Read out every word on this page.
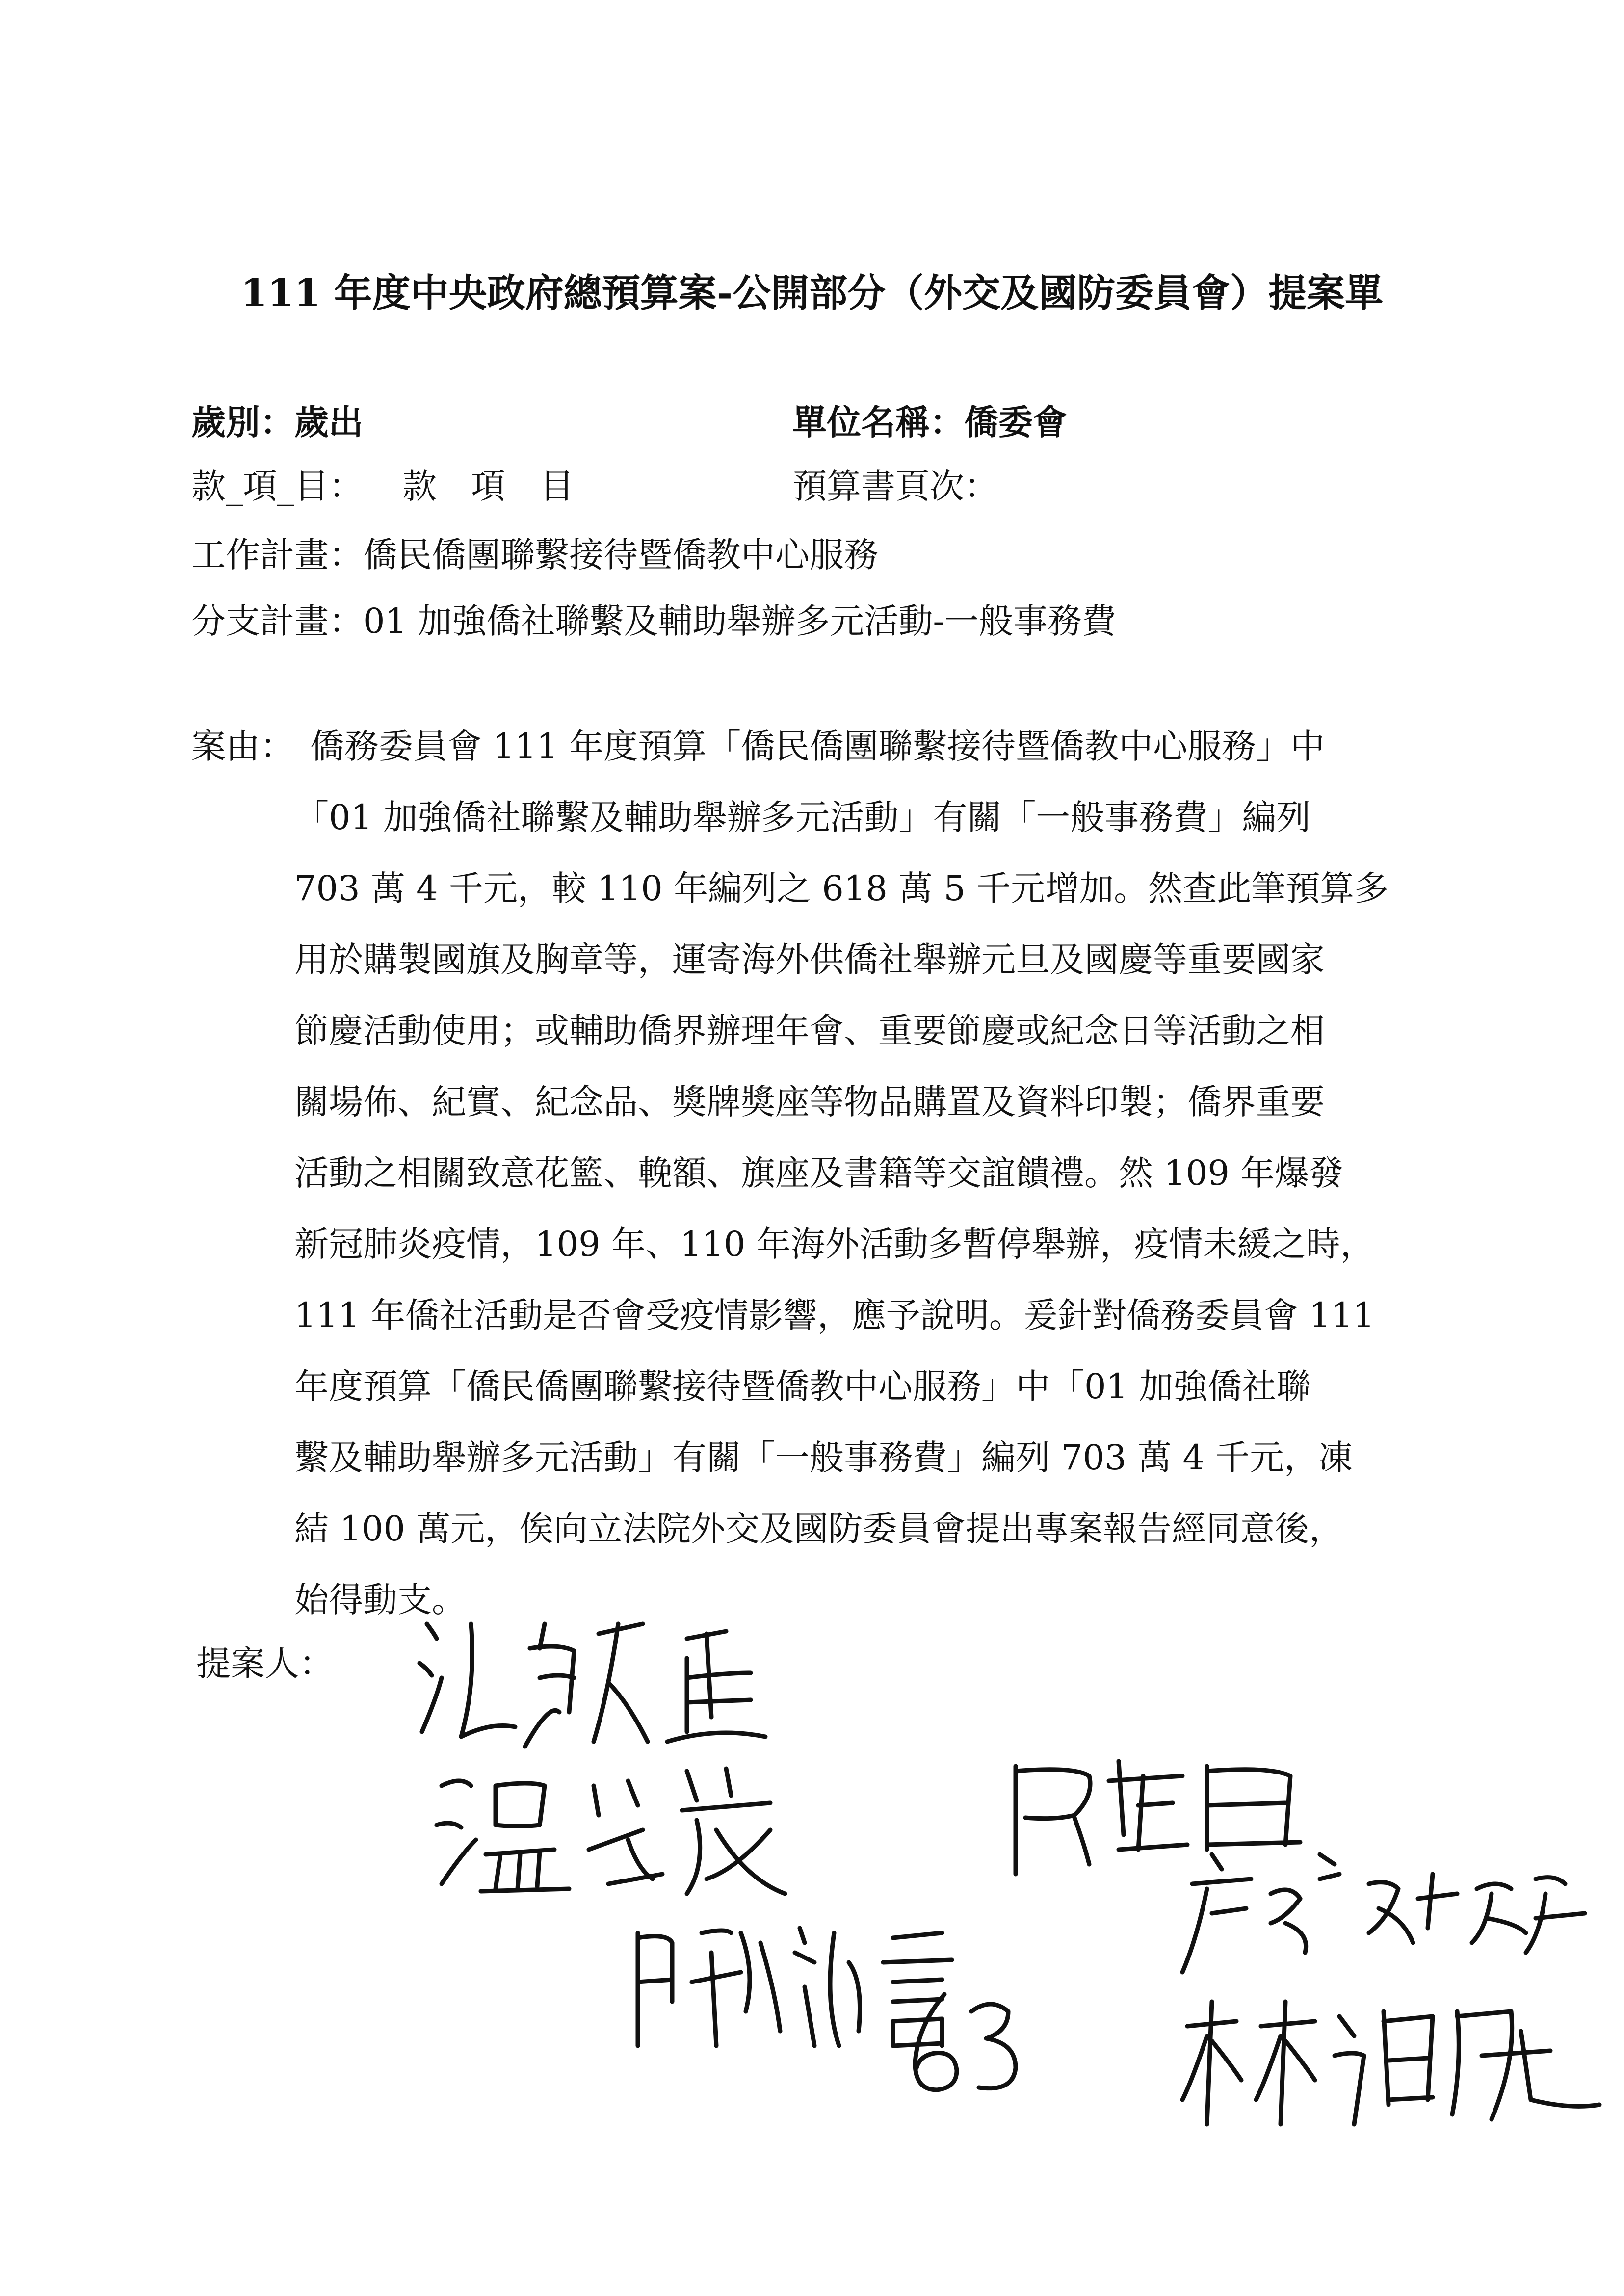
111 年度中央政府總預算案-公開部分（外交及國防委員會）提案單
歲別：歲出	單位名稱：僑委會
款_項_目： 款　項　目	預算書頁次：
工作計畫：僑民僑團聯繫接待暨僑教中心服務
分支計畫：01 加強僑社聯繫及輔助舉辦多元活動-一般事務費
案由： 僑務委員會 111 年度預算「僑民僑團聯繫接待暨僑教中心服務」中
「01 加強僑社聯繫及輔助舉辦多元活動」有關「一般事務費」編列
703 萬 4 千元，較 110 年編列之 618 萬 5 千元增加。然查此筆預算多
用於購製國旗及胸章等，運寄海外供僑社舉辦元旦及國慶等重要國家
節慶活動使用；或輔助僑界辦理年會、重要節慶或紀念日等活動之相
關場佈、紀實、紀念品、獎牌獎座等物品購置及資料印製；僑界重要
活動之相關致意花籃、輓額、旗座及書籍等交誼饋禮。然 109 年爆發
新冠肺炎疫情，109 年、110 年海外活動多暫停舉辦，疫情未緩之時，
111 年僑社活動是否會受疫情影響，應予說明。爰針對僑務委員會 111
年度預算「僑民僑團聯繫接待暨僑教中心服務」中「01 加強僑社聯
繫及輔助舉辦多元活動」有關「一般事務費」編列 703 萬 4 千元，凍
結 100 萬元，俟向立法院外交及國防委員會提出專案報告經同意後，
始得動支。
提案人：
